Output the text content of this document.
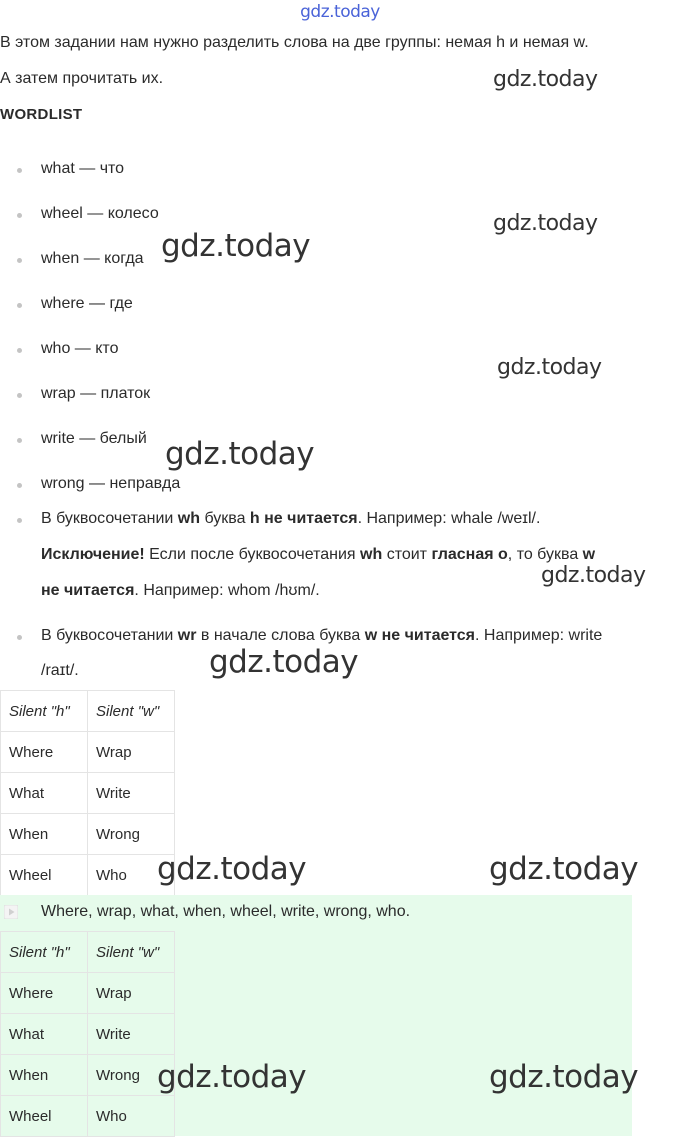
gdz.today
В этом задании нам нужно разделить слова на две группы: немая h и немая w.
А затем прочитать их.
WORDLIST
what — что
wheel — колесо
when — когда
where — где
who — кто
wrap — платок
write — белый
wrong — неправда
В буквосочетании wh буква h не читается. Например: whale /weɪl/.
Исключение! Если после буквосочетания wh стоит гласная о, то буква w
не читается. Например: whom /hʊm/.
В буквосочетании wr в начале слова буква w не читается. Например: write
/raɪt/.
Silent "h"	Silent "w"
Where	Wrap
What	Write
When	Wrong
Wheel	Who
Where, wrap, what, when, wheel, write, wrong, who.
Silent "h"	Silent "w"
Where	Wrap
What	Write
When	Wrong
Wheel	Who
gdz.today
gdz.today
gdz.today
gdz.today
gdz.today
gdz.today
gdz.today
gdz.today	gdz.today
gdz.today	gdz.today
